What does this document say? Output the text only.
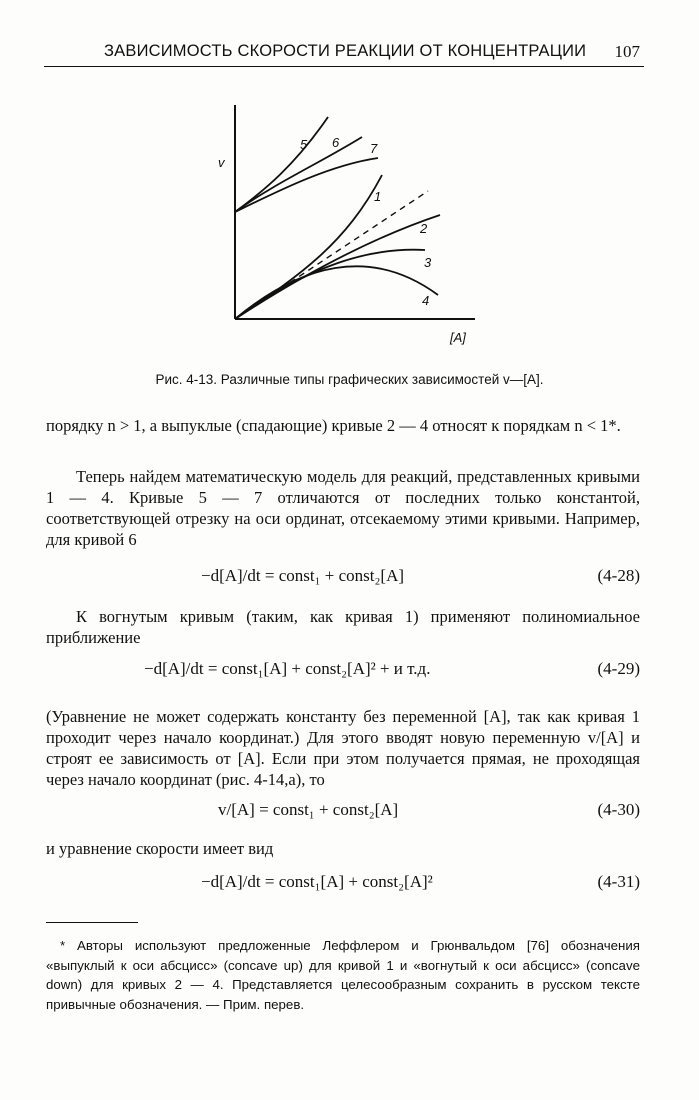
ЗАВИСИМОСТЬ СКОРОСТИ РЕАКЦИИ ОТ КОНЦЕНТРАЦИИ 107
v
[A]
1
2
3
4
5 6 7
Рис. 4-13. Различные типы графических зависимостей v—[A].

порядку n > 1, а выпуклые (спадающие) кривые 2 — 4 относят к порядкам n < 1*.

Теперь найдем математическую модель для реакций, представленных кривыми 1 — 4. Кривые 5 — 7 отличаются от последних только константой, соответствующей отрезку на оси ординат, отсекаемому этими кривыми. Например, для кривой 6

−d[A]/dt = const₁ + const₂[A]	(4-28)

К вогнутым кривым (таким, как кривая 1) применяют полиномиальное приближение

−d[A]/dt = const₁[A] + const₂[A]² + и т.д.	(4-29)

(Уравнение не может содержать константу без переменной [A], так как кривая 1 проходит через начало координат.) Для этого вводят новую переменную v/[A] и строят ее зависимость от [A]. Если при этом получается прямая, не проходящая через начало координат (рис. 4-14,a), то

v/[A] = const₁ + const₂[A]	(4-30)

и уравнение скорости имеет вид

−d[A]/dt = const₁[A] + const₂[A]²	(4-31)

* Авторы используют предложенные Леффлером и Грюнвальдом [76] обозначения «выпуклый к оси абсцисс» (concave up) для кривой 1 и «вогнутый к оси абсцисс» (concave down) для кривых 2 — 4. Представляется целесообразным сохранить в русском тексте привычные обозначения. — Прим. перев.
